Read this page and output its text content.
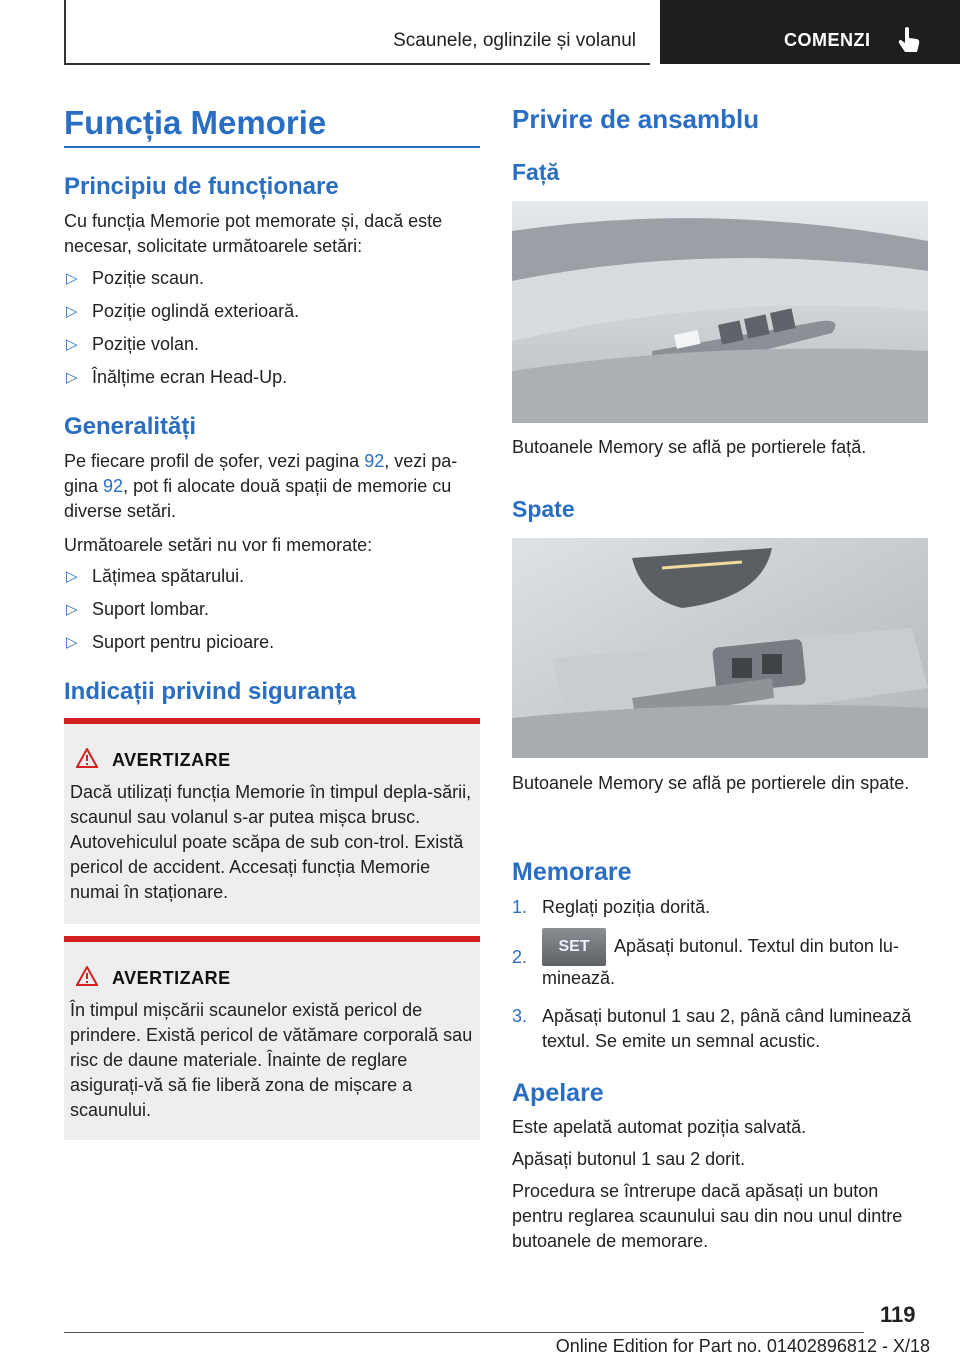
Scaunele, oglinzile și volanul	COMENZI
Funcția Memorie
Principiu de funcționare
Cu funcția Memorie pot memorate și, dacă este necesar, solicitate următoarele setări:
▷ Poziție scaun.
▷ Poziție oglindă exterioară.
▷ Poziție volan.
▷ Înălțime ecran Head-Up.
Generalități
Pe fiecare profil de șofer, vezi pagina 92, vezi pa-gina 92, pot fi alocate două spații de memorie cu diverse setări.
Următoarele setări nu vor fi memorate:
▷ Lățimea spătarului.
▷ Suport lombar.
▷ Suport pentru picioare.
Indicații privind siguranța
AVERTIZARE
Dacă utilizați funcția Memorie în timpul depla-sării, scaunul sau volanul s-ar putea mișca brusc. Autovehiculul poate scăpa de sub con-trol. Există pericol de accident. Accesați funcția Memorie numai în staționare.
AVERTIZARE
În timpul mișcării scaunelor există pericol de prindere. Există pericol de vătămare corporală sau risc de daune materiale. Înainte de reglare asigurați-vă să fie liberă zona de mișcare a scaunului.
Privire de ansamblu
Față
Butoanele Memory se află pe portierele față.
Spate
Butoanele Memory se află pe portierele din spate.
Memorare
1. Reglați poziția dorită.
2.
SET Apăsați butonul. Textul din buton lu-minează.
3. Apăsați butonul 1 sau 2, până când luminează textul. Se emite un semnal acustic.
Apelare
Este apelată automat poziția salvată.
Apăsați butonul 1 sau 2 dorit.
Procedura se întrerupe dacă apăsați un buton pentru reglarea scaunului sau din nou unul dintre butoanele de memorare.
119
Online Edition for Part no. 01402896812 - X/18
